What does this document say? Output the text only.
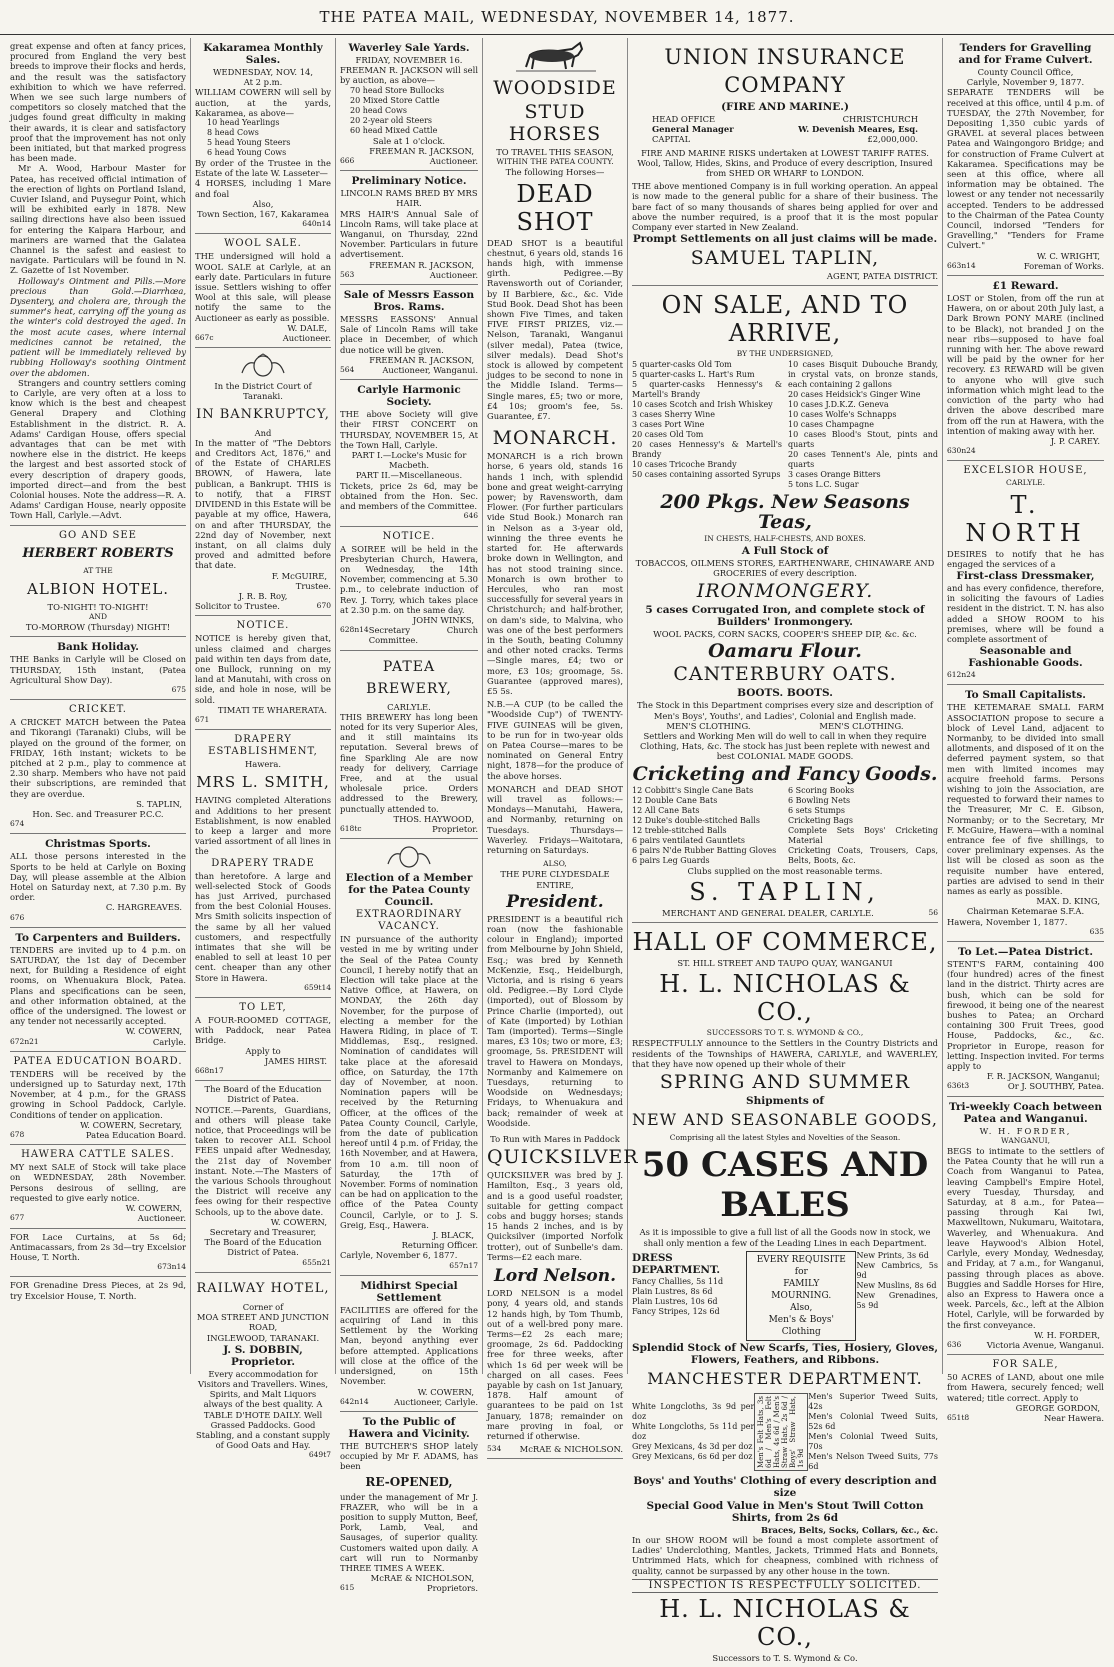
THE PATEA MAIL, WEDNESDAY, NOVEMBER 14, 1877.
great expense and often at fancy prices, procured from England the very best breeds to improve their flocks and herds, and the result was the satisfactory exhibition to which we have referred. When we see such large numbers of competitors so closely matched that the judges found great difficulty in making their awards, it is clear and satisfactory proof that the improvement has not only been initiated, but that marked progress has been made.
Mr A. Wood, Harbour Master for Patea, has received official intimation of the erection of lights on Portland Island, Cuvier Island, and Puysegur Point, which will be exhibited early in 1878. New sailing directions have also been issued for entering the Kaipara Harbour, and mariners are warned that the Galatea Channel is the safest and easiest to navigate. Particulars will be found in N. Z. Gazette of 1st November.
Holloway's Ointment and Pills.—More precious than Gold.—Diarrhœa, Dysentery, and cholera are, through the summer's heat, carrying off the young as the winter's cold destroyed the aged. In the most acute cases, where internal medicines cannot be retained, the patient will be immediately relieved by rubbing Holloway's soothing Ointment over the abdomen.
Strangers and country settlers coming to Carlyle, are very often at a loss to know which is the best and cheapest General Drapery and Clothing Establishment in the district. R. A. Adams' Cardigan House, offers special advantages that can be met with nowhere else in the district. He keeps the largest and best assorted stock of every description of drapery goods, imported direct—and from the best Colonial houses. Note the address—R. A. Adams' Cardigan House, nearly opposite Town Hall, Carlyle.—Advt.
GO AND SEE
HERBERT ROBERTS
AT THE
ALBION HOTEL.
TO-NIGHT! TO-NIGHT!
AND
TO-MORROW (Thursday) NIGHT!
Bank Holiday.
THE Banks in Carlyle will be Closed on THURSDAY, 15th instant, (Patea Agricultural Show Day).
675
CRICKET.
A CRICKET MATCH between the Patea and Tikorangi (Taranaki) Clubs, will be played on the ground of the former, on FRIDAY, 16th instant; wickets to be pitched at 2 p.m., play to commence at 2.30 sharp. Members who have not paid their subscriptions, are reminded that they are overdue.
S. TAPLIN,
Hon. Sec. and Treasurer P.C.C.
674
Christmas Sports.
ALL those persons interested in the Sports to be held at Carlyle on Boxing Day, will please assemble at the Albion Hotel on Saturday next, at 7.30 p.m. By order.
C. HARGREAVES.
676
To Carpenters and Builders.
TENDERS are invited up to 4 p.m. on SATURDAY, the 1st day of December next, for Building a Residence of eight rooms, on Whenuakura Block, Patea. Plans and specifications can be seen, and other information obtained, at the office of the undersigned. The lowest or any tender not necessarily accepted.
W. COWERN,
672n21	Carlyle.
PATEA EDUCATION BOARD.
TENDERS will be received by the undersigned up to Saturday next, 17th November, at 4 p.m., for the GRASS growing in School Paddock, Carlyle. Conditions of tender on application.
W. COWERN, Secretary,
678	Patea Education Board.
HAWERA CATTLE SALES.
MY next SALE of Stock will take place on WEDNESDAY, 28th November. Persons desirous of selling, are requested to give early notice.
W. COWERN,
677	Auctioneer.
FOR Lace Curtains, at 5s 6d; Antimacassars, from 2s 3d—try Excelsior House, T. North.
673n14
FOR Grenadine Dress Pieces, at 2s 9d, try Excelsior House, T. North.
Kakaramea Monthly Sales.
WEDNESDAY, NOV. 14,
At 2 p.m.
WILLIAM COWERN will sell by auction, at the yards, Kakaramea, as above—
10 head Yearlings
8 head Cows
5 head Young Steers
6 head Young Cows
By order of the Trustee in the Estate of the late W. Lasseter—
4 HORSES, including 1 Mare and foal
Also,
Town Section, 167, Kakaramea
640n14
WOOL SALE.
THE undersigned will hold a WOOL SALE at Carlyle, at an early date. Particulars in future issue. Settlers wishing to offer Wool at this sale, will please notify the same to the Auctioneer as early as possible.
W. DALE,
667c	Auctioneer.
In the District Court of Taranaki.
IN BANKRUPTCY,
And
In the matter of "The Debtors and Creditors Act, 1876," and of the Estate of CHARLES BROWN, of Hawera, late publican, a Bankrupt. THIS is to notify, that a FIRST DIVIDEND in this Estate will be payable at my office, Hawera, on and after THURSDAY, the 22nd day of November, next instant, on all claims duly proved and admitted before that date.
F. McGUIRE,
Trustee.
J. R. B. Roy,
Solicitor to Trustee.	670
NOTICE.
NOTICE is hereby given that, unless claimed and charges paid within ten days from date, one Bullock, running on my land at Manutahi, with cross on side, and hole in nose, will be sold.
TIMATI TE WHARERATA.
671
DRAPERY ESTABLISHMENT,
Hawera.
MRS L. SMITH,
HAVING completed Alterations and Additions to her present Establishment, is now enabled to keep a larger and more varied assortment of all lines in the
DRAPERY TRADE
than heretofore. A large and well-selected Stock of Goods has just Arrived, purchased from the best Colonial Houses. Mrs Smith solicits inspection of the same by all her valued customers, and respectfully intimates that she will be enabled to sell at least 10 per cent. cheaper than any other Store in Hawera.
659t14
TO LET,
A FOUR-ROOMED COTTAGE, with Paddock, near Patea Bridge.
Apply to
JAMES HIRST.
668n17
The Board of the Education District of Patea.
NOTICE.—Parents, Guardians, and others will please take notice, that Proceedings will be taken to recover ALL School FEES unpaid after Wednesday, the 21st day of November instant. Note.—The Masters of the various Schools throughout the District will receive any fees owing for their respective Schools, up to the above date.
W. COWERN,
Secretary and Treasurer,
The Board of the Education District of Patea.
655n21
RAILWAY HOTEL,
Corner of
MOA STREET AND JUNCTION ROAD,
INGLEWOOD, TARANAKI.
J. S. DOBBIN, Proprietor.
Every accommodation for Visitors and Travellers. Wines, Spirits, and Malt Liquors always of the best quality. A TABLE D'HOTE DAILY. Well Grassed Paddocks. Good Stabling, and a constant supply of Good Oats and Hay.
649t7
Waverley Sale Yards.
FRIDAY, NOVEMBER 16.
FREEMAN R. JACKSON will sell by auction, as above—
70 head Store Bullocks
20 Mixed Store Cattle
20 head Cows
20 2-year old Steers
60 head Mixed Cattle
Sale at 1 o'clock.
FREEMAN R. JACKSON,
666	Auctioneer.
Preliminary Notice.
LINCOLN RAMS BRED BY MRS HAIR.
MRS HAIR'S Annual Sale of Lincoln Rams, will take place at Wanganui, on Thursday, 22nd November. Particulars in future advertisement.
FREEMAN R. JACKSON,
563	Auctioneer.
Sale of Messrs Easson Bros. Rams.
MESSRS EASSONS' Annual Sale of Lincoln Rams will take place in December, of which due notice will be given.
FREEMAN R. JACKSON,
564	Auctioneer, Wanganui.
Carlyle Harmonic Society.
THE above Society will give their FIRST CONCERT on THURSDAY, NOVEMBER 15, At the Town Hall, Carlyle.
PART I.—Locke's Music for Macbeth.
PART II.—Miscellaneous.
Tickets, price 2s 6d, may be obtained from the Hon. Sec. and members of the Committee.
646
NOTICE.
A SOIREE will be held in the Presbyterian Church, Hawera, on Wednesday, the 14th November, commencing at 5.30 p.m., to celebrate induction of Rev. J. Torry, which takes place at 2.30 p.m. on the same day.
JOHN WINKS,
628n14 Secretary Church Committee.
PATEA BREWERY,
CARLYLE.
THIS BREWERY has long been noted for its very Superior Ales, and it still maintains its reputation. Several brews of fine Sparkling Ale are now ready for delivery, Carriage Free, and at the usual wholesale price. Orders addressed to the Brewery, punctually attended to.
THOS. HAYWOOD,
618tc	Proprietor.
Election of a Member for the Patea County Council.
EXTRAORDINARY VACANCY.
IN pursuance of the authority vested in me by writing under the Seal of the Patea County Council, I hereby notify that an Election will take place at the Native Office, at Hawera, on MONDAY, the 26th day November, for the purpose of electing a member for the Hawera Riding, in place of T. Middlemas, Esq., resigned. Nomination of candidates will take place at the aforesaid office, on Saturday, the 17th day of November, at noon. Nomination papers will be received by the Returning Officer, at the offices of the Patea County Council, Carlyle, from the date of publication hereof until 4 p.m. of Friday, the 16th November, and at Hawera, from 10 a.m. till noon of Saturday, the 17th of November. Forms of nomination can be had on application to the office of the Patea County Council, Carlyle, or to J. S. Greig, Esq., Hawera.
J. BLACK,
Returning Officer.
Carlyle, November 6, 1877.
657n17
Midhirst Special Settlement
FACILITIES are offered for the acquiring of Land in this Settlement by the Working Man, beyond anything ever before attempted. Applications will close at the office of the undersigned, on 15th November.
W. COWERN,
642n14	Auctioneer, Carlyle.
To the Public of Hawera and Vicinity.
THE BUTCHER'S SHOP lately occupied by Mr F. ADAMS, has been
RE-OPENED,
under the management of Mr J. FRAZER, who will be in a position to supply Mutton, Beef, Pork, Lamb, Veal, and Sausages, of superior quality. Customers waited upon daily. A cart will run to Normanby THREE TIMES A WEEK.
McRAE & NICHOLSON,
615	Proprietors.
WOODSIDE
STUD HORSES
TO TRAVEL THIS SEASON,
WITHIN THE PATEA COUNTY.
The following Horses—
DEAD SHOT
DEAD SHOT is a beautiful chestnut, 6 years old, stands 16 hands high, with immense girth. Pedigree.—By Ravensworth out of Coriander, by II Barbiere, &c., &c. Vide Stud Book. Dead Shot has been shown Five Times, and taken FIVE FIRST PRIZES, viz.—Nelson, Taranaki, Wanganui (silver medal), Patea (twice, silver medals). Dead Shot's stock is allowed by competent judges to be second to none in the Middle Island. Terms—Single mares, £5; two or more, £4 10s; groom's fee, 5s. Guarantee, £7.
MONARCH.
MONARCH is a rich brown horse, 6 years old, stands 16 hands 1 inch, with splendid bone and great weight-carrying power; by Ravensworth, dam Flower. (For further particulars vide Stud Book.) Monarch ran in Nelson as a 3-year old, winning the three events he started for. He afterwards broke down in Wellington, and has not stood training since. Monarch is own brother to Hercules, who ran most successfully for several years in Christchurch; and half-brother, on dam's side, to Malvina, who was one of the best performers in the South, beating Columny and other noted cracks. Terms—Single mares, £4; two or more, £3 10s; groomage, 5s. Guarantee (approved mares), £5 5s.
N.B.—A CUP (to be called the "Woodside Cup") of TWENTY-FIVE GUINEAS will be given, to be run for in two-year olds on Patea Course—mares to be nominated on General Entry night, 1878—for the produce of the above horses.
MONARCH and DEAD SHOT will travel as follows:— Mondays—Manutahi, Hawera, and Normanby, returning on Tuesdays. Thursdays—Waverley. Fridays—Waitotara, returning on Saturdays.
ALSO,
THE PURE CLYDESDALE ENTIRE,
President.
PRESIDENT is a beautiful rich roan (now the fashionable colour in England); imported from Melbourne by John Shield, Esq.; was bred by Kenneth McKenzie, Esq., Heidelburgh, Victoria, and is rising 6 years old. Pedigree.—By Lord Clyde (imported), out of Blossom by Prince Charlie (imported), out of Kate (imported) by Lothian Tam (imported). Terms—Single mares, £3 10s; two or more, £3; groomage, 5s. PRESIDENT will travel to Hawera on Mondays, Normanby and Kaimemere on Tuesdays, returning to Woodside on Wednesdays; Fridays, to Whenuakura and back; remainder of week at Woodside.
To Run with Mares in Paddock
QUICKSILVER
QUICKSILVER was bred by J. Hamilton, Esq., 3 years old, and is a good useful roadster, suitable for getting compact cobs and buggy horses; stands 15 hands 2 inches, and is by Quicksilver (imported Norfolk trotter), out of Sunbelle's dam. Terms—£2 each mare.
Lord Nelson.
LORD NELSON is a model pony, 4 years old, and stands 12 hands high, by Tom Thumb, out of a well-bred pony mare. Terms—£2 2s each mare; groomage, 2s 6d. Paddocking free for three weeks, after which 1s 6d per week will be charged on all cases. Fees payable by cash on 1st January, 1878. Half amount of guarantees to be paid on 1st January, 1878; remainder on mare proving in foal, or returned if otherwise.
534 McRAE & NICHOLSON.
UNION INSURANCE COMPANY
(FIRE AND MARINE.)
HEAD OFFICE	CHRISTCHURCH
General Manager	W. Devenish Meares, Esq.
CAPITAL	£2,000,000.
FIRE AND MARINE RISKS undertaken at LOWEST TARIFF RATES.
Wool, Tallow, Hides, Skins, and Produce of every description, Insured from SHED OR WHARF to LONDON.
THE above mentioned Company is in full working operation. An appeal is now made to the general public for a share of their business. The bare fact of so many thousands of shares being applied for over and above the number required, is a proof that it is the most popular Company ever started in New Zealand.
Prompt Settlements on all just claims will be made.
SAMUEL TAPLIN,
AGENT, PATEA DISTRICT.
ON SALE, AND TO ARRIVE,
BY THE UNDERSIGNED,
5 quarter-casks Old Tom
5 quarter-casks L. Hart's Rum
5 quarter-casks Hennessy's & Martell's Brandy
10 cases Scotch and Irish Whiskey
3 cases Sherry Wine
3 cases Port Wine
20 cases Old Tom
20 cases Hennessy's & Martell's Brandy
10 cases Tricoche Brandy
50 cases containing assorted Syrups
10 cases Bisquit Dubouche Brandy, in crystal vats, on bronze stands, each containing 2 gallons
20 cases Heidsick's Ginger Wine
10 cases J.D.K.Z. Geneva
10 cases Wolfe's Schnapps
10 cases Champagne
10 cases Blood's Stout, pints and quarts
20 cases Tennent's Ale, pints and quarts
3 cases Orange Bitters
5 tons L.C. Sugar
200 Pkgs. New Seasons Teas,
IN CHESTS, HALF-CHESTS, AND BOXES.
A Full Stock of
TOBACCOS, OILMENS STORES, EARTHENWARE, CHINAWARE AND GROCERIES of every description.
IRONMONGERY.
5 cases Corrugated Iron, and complete stock of Builders' Ironmongery.
WOOL PACKS, CORN SACKS, COOPER'S SHEEP DIP, &c. &c.
Oamaru Flour.
CANTERBURY OATS.
BOOTS. BOOTS.
The Stock in this Department comprises every size and description of Men's Boys', Youths', and Ladies', Colonial and English made.
MEN'S CLOTHING.	MEN'S CLOTHING.
Settlers and Working Men will do well to call in when they require Clothing, Hats, &c. The stock has just been replete with newest and best COLONIAL MADE GOODS.
Cricketing and Fancy Goods.
12 Cobbitt's Single Cane Bats
12 Double Cane Bats
12 All Cane Bats
12 Duke's double-stitched Balls
12 treble-stitched Balls
6 pairs ventilated Gauntlets
6 pairs N'de Rubber Batting Gloves
6 pairs Leg Guards
6 Scoring Books
6 Bowling Nets
6 sets Stumps
Cricketing Bags
Complete Sets Boys' Cricketing Material
Cricketing Coats, Trousers, Caps, Belts, Boots, &c.
Clubs supplied on the most reasonable terms.
S. TAPLIN,
MERCHANT AND GENERAL DEALER, CARLYLE.	56
HALL OF COMMERCE,
ST. HILL STREET AND TAUPO QUAY, WANGANUI
H. L. NICHOLAS & CO.,
SUCCESSORS TO T. S. WYMOND & CO.,
RESPECTFULLY announce to the Settlers in the Country Districts and residents of the Townships of HAWERA, CARLYLE, and WAVERLEY, that they have now opened up their whole of their
SPRING AND SUMMER
Shipments of
NEW AND SEASONABLE GOODS,
Comprising all the latest Styles and Novelties of the Season.
50 CASES AND BALES
As it is impossible to give a full list of all the Goods now in stock, we shall only mention a few of the Leading Lines in each Department.
DRESS DEPARTMENT.
Fancy Challies, 5s 11d
Plain Lustres, 8s 6d
Plain Lustres, 10s 6d
Fancy Stripes, 12s 6d
EVERY REQUISITE
for
FAMILY MOURNING.
Also,
Men's & Boys' Clothing
New Prints, 3s 6d
New Cambrics, 5s 9d
New Muslins, 8s 6d
New Grenadines, 5s 9d
Splendid Stock of New Scarfs, Ties, Hosiery, Gloves, Flowers, Feathers, and Ribbons.
MANCHESTER DEPARTMENT.
White Longcloths, 3s 9d per doz
White Longcloths, 5s 11d per doz
Grey Mexicans, 4s 3d per doz
Grey Mexicans, 6s 6d per doz Men's Felt Hats, 3s 6d / Men's Felt Hats, 4s 6d / Men's Straw Hats, 2s 6d / Boys' Straw Hats, 1s 9d
Men's Superior Tweed Suits, 42s
Men's Colonial Tweed Suits, 52s 6d
Men's Colonial Tweed Suits, 70s
Men's Nelson Tweed Suits, 77s 6d
Boys' and Youths' Clothing of every description and size
Special Good Value in Men's Stout Twill Cotton Shirts, from 2s 6d
Braces, Belts, Socks, Collars, &c., &c.
In our SHOW ROOM will be found a most complete assortment of Ladies' Underclothing, Mantles, Jackets, Trimmed Hats and Bonnets, Untrimmed Hats, which for cheapness, combined with richness of quality, cannot be surpassed by any other house in the town.
INSPECTION IS RESPECTFULLY SOLICITED.
H. L. NICHOLAS & CO.,
Successors to T. S. Wymond & Co.
Tenders for Gravelling and for Frame Culvert.
County Council Office,
Carlyle, November 9, 1877.
SEPARATE TENDERS will be received at this office, until 4 p.m. of TUESDAY, the 27th November, for Depositing 1,350 cubic yards of GRAVEL at several places between Patea and Waingongoro Bridge; and for construction of Frame Culvert at Kakaramea. Specifications may be seen at this office, where all information may be obtained. The lowest or any tender not necessarily accepted. Tenders to be addressed to the Chairman of the Patea County Council, indorsed "Tenders for Gravelling," "Tenders for Frame Culvert."
W. C. WRIGHT,
663n14	Foreman of Works.
£1 Reward.
LOST or Stolen, from off the run at Hawera, on or about 20th July last, a Dark Brown PONY MARE (inclined to be Black), not branded J on the near ribs—supposed to have foal running with her. The above reward will be paid by the owner for her recovery. £3 REWARD will be given to anyone who will give such information which might lead to the conviction of the party who had driven the above described mare from off the run at Hawera, with the intention of making away with her.
J. P. CAREY.
630n24
EXCELSIOR HOUSE,
CARLYLE.
T. NORTH
DESIRES to notify that he has engaged the services of a
First-class Dressmaker,
and has every confidence, therefore, in soliciting the favours of Ladies resident in the district. T. N. has also added a SHOW ROOM to his premises, where will be found a complete assortment of
Seasonable and Fashionable Goods.
612n24
To Small Capitalists.
THE KETEMARAE SMALL FARM ASSOCIATION propose to secure a block of Level Land, adjacent to Normanby, to be divided into small allotments, and disposed of it on the deferred payment system, so that men with limited incomes may acquire freehold farms. Persons wishing to join the Association, are requested to forward their names to the Treasurer, Mr C. E. Gibson, Normanby; or to the Secretary, Mr F. McGuire, Hawera—with a nominal entrance fee of five shillings, to cover preliminary expenses. As the list will be closed as soon as the requisite number have entered, parties are advised to send in their names as early as possible.
MAX. D. KING,
Chairman Ketemarae S.F.A.
Hawera, November 1, 1877.
635
To Let.—Patea District.
STENT'S FARM, containing 400 (four hundred) acres of the finest land in the district. Thirty acres are bush, which can be sold for firewood, it being one of the nearest bushes to Patea; an Orchard containing 300 Fruit Trees, good House, Paddocks, &c., &c. Proprietor in Europe, reason for letting. Inspection invited. For terms apply to
F. R. JACKSON, Wanganui;
636t3	Or J. SOUTHBY, Patea.
Tri-weekly Coach between Patea and Wanganui.
W. H. FORDER,
WANGANUI,
BEGS to intimate to the settlers of the Patea County that he will run a Coach from Wanganui to Patea, leaving Campbell's Empire Hotel, every Tuesday, Thursday, and Saturday, at 8 a.m., for Patea—passing through Kai Iwi, Maxwelltown, Nukumaru, Waitotara, Waverley, and Whenuakura. And leave Haywood's Albion Hotel, Carlyle, every Monday, Wednesday, and Friday, at 7 a.m., for Wanganui, passing through places as above. Buggies and Saddle Horses for Hire, also an Express to Hawera once a week. Parcels, &c., left at the Albion Hotel, Carlyle, will be forwarded by the first conveyance.
W. H. FORDER,
636	Victoria Avenue, Wanganui.
FOR SALE,
50 ACRES of LAND, about one mile from Hawera, securely fenced; well watered; title correct. Apply to
GEORGE GORDON,
651t8	Near Hawera.
